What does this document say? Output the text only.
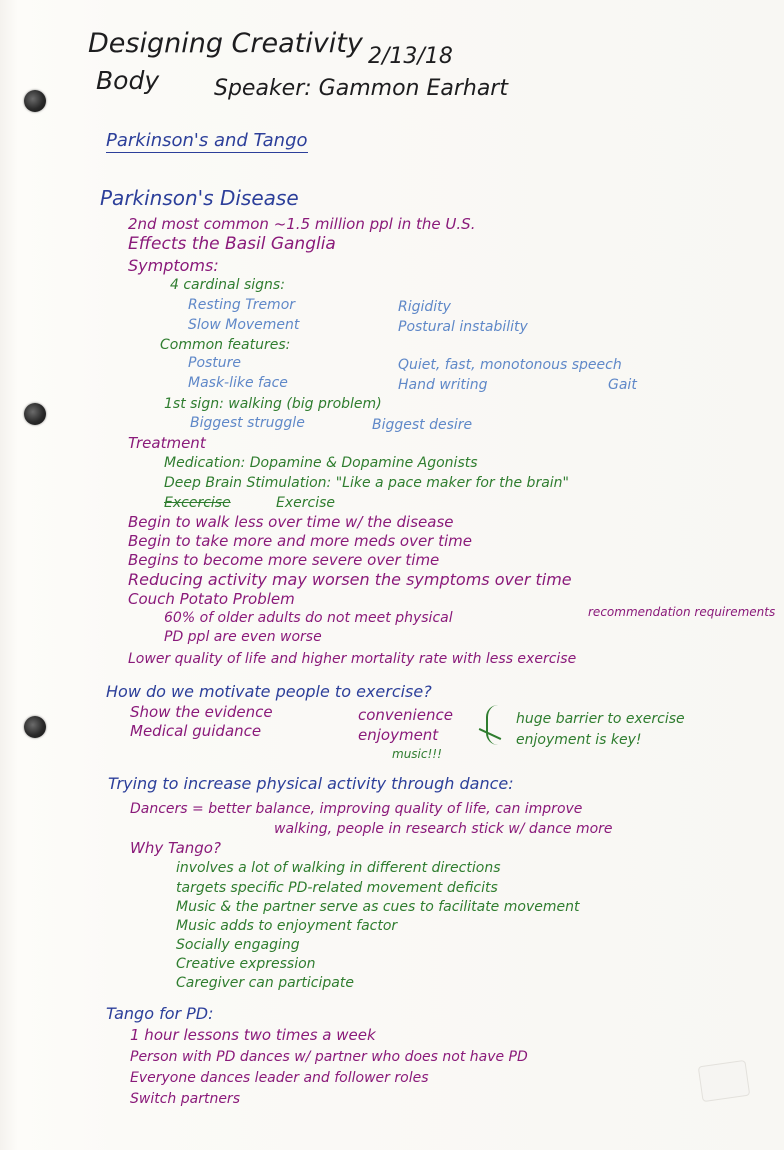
Designing Creativity
Body
2/13/18
Speaker: Gammon Earhart
Parkinson's and Tango
Parkinson's Disease
2nd most common ~1.5 million ppl in the U.S.
Effects the Basil Ganglia
Symptoms:
4 cardinal signs:
Resting Tremor
Slow Movement
Rigidity
Postural instability
Common features:
Posture
Mask-like face
Quiet, fast, monotonous speech
Hand writing	Gait
1st sign: walking (big problem)
Biggest struggle	Biggest desire
Treatment
Medication: Dopamine & Dopamine Agonists
Deep Brain Stimulation: "Like a pace maker for the brain"
Excercise	Exercise
Begin to walk less over time w/ the disease
Begin to take more and more meds over time
Begins to become more severe over time
Reducing activity may worsen the symptoms over time
Couch Potato Problem
60% of older adults do not meet physical	recommendation requirements
PD ppl are even worse
Lower quality of life and higher mortality rate with less exercise
How do we motivate people to exercise?
Show the evidence
Medical guidance
convenience
enjoyment
music!!!
huge barrier to exercise
enjoyment is key!
Trying to increase physical activity through dance:
Dancers = better balance, improving quality of life, can improve
walking, people in research stick w/ dance more
Why Tango?
involves a lot of walking in different directions
targets specific PD-related movement deficits
Music & the partner serve as cues to facilitate movement
Music adds to enjoyment factor
Socially engaging
Creative expression
Caregiver can participate
Tango for PD:
1 hour lessons two times a week
Person with PD dances w/ partner who does not have PD
Everyone dances leader and follower roles
Switch partners
